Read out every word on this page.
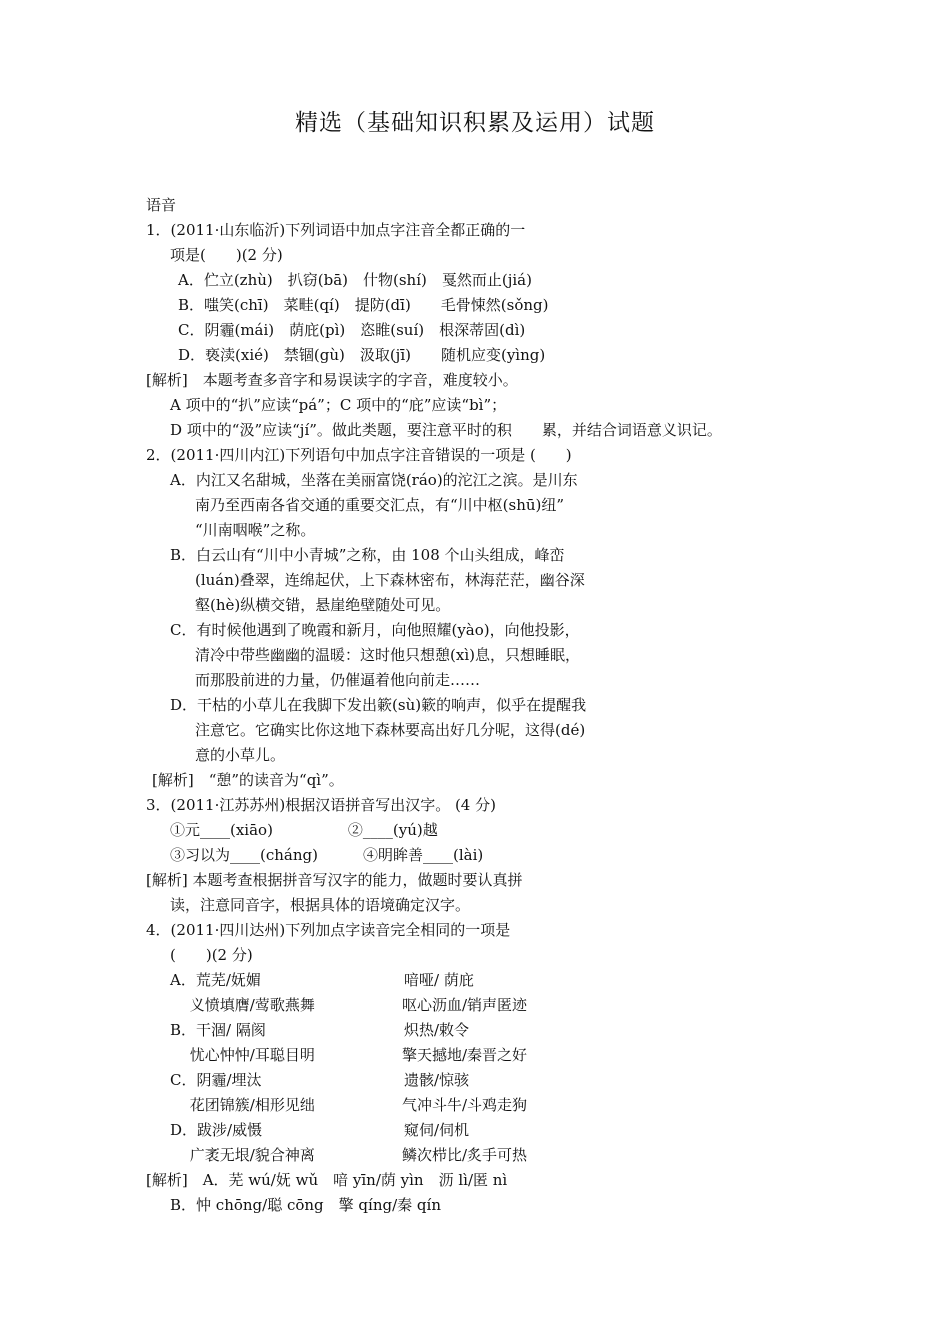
精选（基础知识积累及运用）试题
语音
1．(2011·山东临沂)下列词语中加点字注音全都正确的一
项是(　　)(2 分)
A．伫立(zhù)　扒窃(bā)　什物(shí)　戛然而止(jiá)
B．嗤笑(chī)　菜畦(qí)　提防(dī)　　毛骨悚然(sǒng)
C．阴霾(mái)　荫庇(pì)　恣睢(suí)　根深蒂固(dì)
D．亵渎(xié)　禁锢(gù)　汲取(jī)　　随机应变(yìng)
[解析]　本题考查多音字和易误读字的字音，难度较小。
A 项中的“扒”应读“pá”；C 项中的“庇”应读“bì”；
D 项中的“汲”应读“jí”。做此类题，要注意平时的积　　累，并结合词语意义识记。
2．(2011·四川内江)下列语句中加点字注音错误的一项是 (　　)
A．内江又名甜城，坐落在美丽富饶(ráo)的沱江之滨。是川东
南乃至西南各省交通的重要交汇点，有“川中枢(shū)纽”
“川南咽喉”之称。
B．白云山有“川中小青城”之称，由 108 个山头组成，峰峦
(luán)叠翠，连绵起伏，上下森林密布，林海茫茫，幽谷深
壑(hè)纵横交错，悬崖绝壁随处可见。
C．有时候他遇到了晚霞和新月，向他照耀(yào)，向他投影，
清冷中带些幽幽的温暖：这时他只想憩(xì)息，只想睡眠，
而那股前进的力量，仍催逼着他向前走……
D．干枯的小草儿在我脚下发出簌(sù)簌的响声，似乎在提醒我
注意它。它确实比你这地下森林要高出好几分呢，这得(dé)
意的小草儿。
[解析]　“憩”的读音为“qì”。
3．(2011·江苏苏州)根据汉语拼音写出汉字。 (4 分)
①元____(xiāo)　　　　　②____(yú)越
③习以为____(cháng)　　　④明眸善____(lài)
[解析] 本题考查根据拼音写汉字的能力，做题时要认真拼
读，注意同音字，根据具体的语境确定汉字。
4．(2011·四川达州)下列加点字读音完全相同的一项是
(　　)(2 分)
[解析]　A．芜 wú/妩 wǔ　喑 yīn/荫 yìn　沥 lì/匿 nì
B．忡 chōng/聪 cōng　擎 qíng/秦 qín
A．荒芜/妩媚	喑哑/ 荫庇
　 义愤填膺/莺歌燕舞	呕心沥血/销声匿迹
B．干涸/ 隔阂	炽热/敕令
　 忧心忡忡/耳聪目明	擎天撼地/秦晋之好
C．阴霾/埋汰	遗骸/惊骇
　 花团锦簇/相形见绌	气冲斗牛/斗鸡走狗
D．跋涉/威慑	窥伺/伺机
　 广袤无垠/貌合神离	鳞次栉比/炙手可热
